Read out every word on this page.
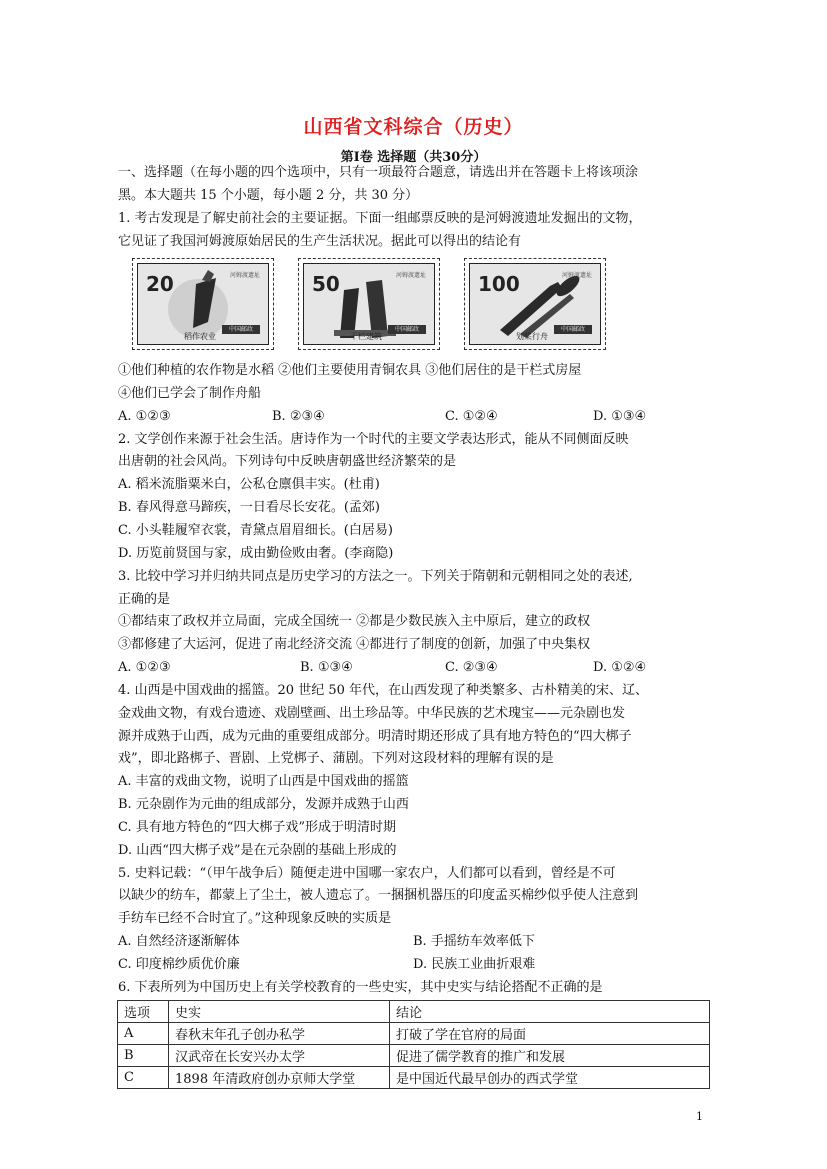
山西省文科综合（历史）
第Ⅰ卷 选择题（共30分）
一、选择题（在每小题的四个选项中，只有一项最符合题意，请选出并在答题卡上将该项涂
黑。本大题共 15 个小题，每小题 2 分，共 30 分）
1. 考古发现是了解史前社会的主要证据。下面一组邮票反映的是河姆渡遗址发掘出的文物，
它见证了我国河姆渡原始居民的生产生活状况。据此可以得出的结论有
20	河姆渡遗址
中国邮政
稻作农业
50	河姆渡遗址
中国邮政
干栏建筑
100	河姆渡遗址
中国邮政
划桨行舟
①他们种植的农作物是水稻 ②他们主要使用青铜农具 ③他们居住的是干栏式房屋
④他们已学会了制作舟船
A. ①②③	B. ②③④	C. ①②④	D. ①③④
2. 文学创作来源于社会生活。唐诗作为一个时代的主要文学表达形式，能从不同侧面反映
出唐朝的社会风尚。下列诗句中反映唐朝盛世经济繁荣的是
A. 稻米流脂粟米白，公私仓廪俱丰实。(杜甫)
B. 春风得意马蹄疾，一日看尽长安花。(孟郊)
C. 小头鞋履窄衣裳，青黛点眉眉细长。(白居易)
D. 历览前贤国与家，成由勤俭败由奢。(李商隐)
3. 比较中学习并归纳共同点是历史学习的方法之一。下列关于隋朝和元朝相同之处的表述,
正确的是
①都结束了政权并立局面，完成全国统一 ②都是少数民族入主中原后，建立的政权
③都修建了大运河，促进了南北经济交流 ④都进行了制度的创新，加强了中央集权
A. ①②③	B. ①③④	C. ②③④	D. ①②④
4. 山西是中国戏曲的摇篮。20 世纪 50 年代，在山西发现了种类繁多、古朴精美的宋、辽、
金戏曲文物，有戏台遗迹、戏剧壁画、出土珍品等。中华民族的艺术瑰宝——元杂剧也发
源并成熟于山西，成为元曲的重要组成部分。明清时期还形成了具有地方特色的“四大梆子
戏”，即北路梆子、晋剧、上党梆子、蒲剧。下列对这段材料的理解有误的是
A. 丰富的戏曲文物，说明了山西是中国戏曲的摇篮
B. 元杂剧作为元曲的组成部分，发源并成熟于山西
C. 具有地方特色的“四大梆子戏”形成于明清时期
D. 山西“四大梆子戏”是在元杂剧的基础上形成的
5. 史料记载：“（甲午战争后）随便走进中国哪一家农户，人们都可以看到，曾经是不可
以缺少的纺车，都蒙上了尘土，被人遗忘了。一捆捆机器压的印度孟买棉纱似乎使人注意到
手纺车已经不合时宜了。”这种现象反映的实质是
A. 自然经济逐渐解体	B. 手摇纺车效率低下
C. 印度棉纱质优价廉	D. 民族工业曲折艰难
6. 下表所列为中国历史上有关学校教育的一些史实，其中史实与结论搭配不正确的是
选项	史实	结论
A	春秋末年孔子创办私学	打破了学在官府的局面
B	汉武帝在长安兴办太学	促进了儒学教育的推广和发展
C	1898 年清政府创办京师大学堂	是中国近代最早创办的西式学堂
1
